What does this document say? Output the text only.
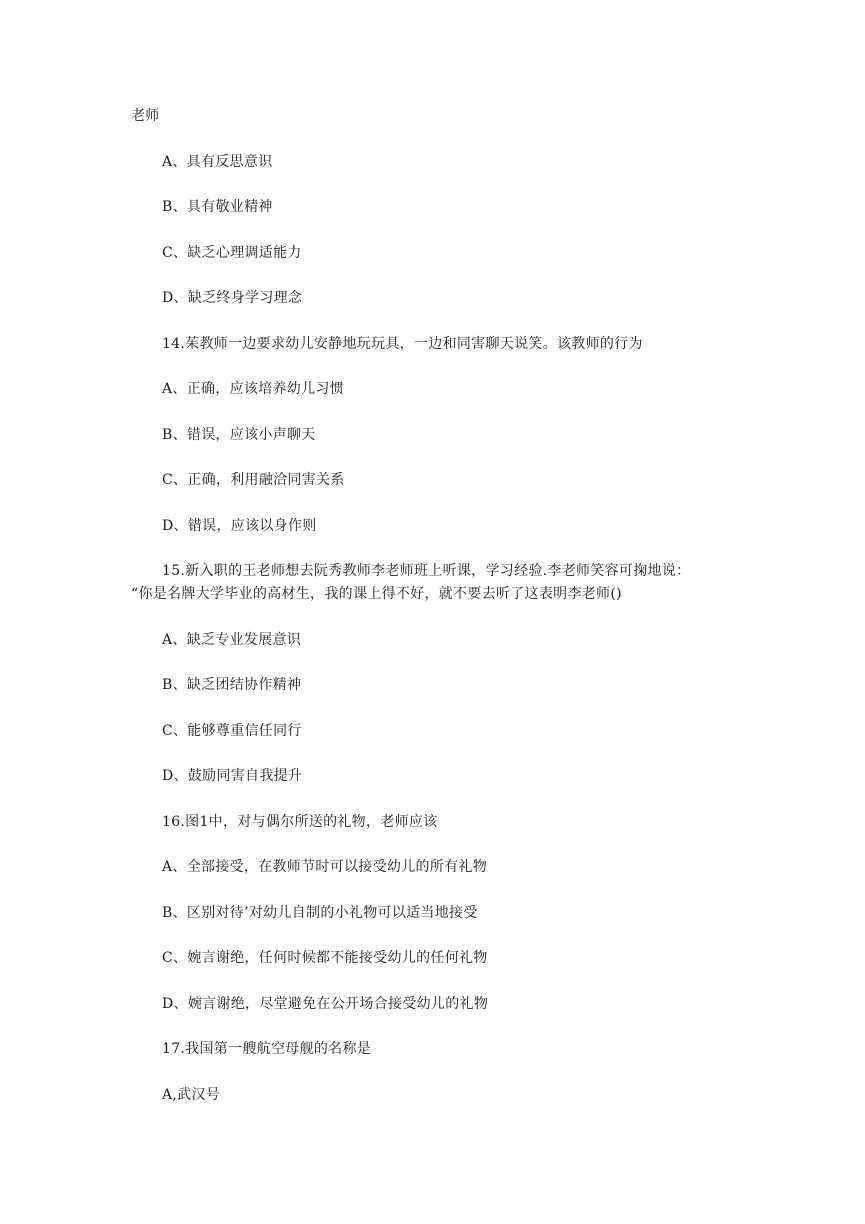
老师
A、具有反思意识
B、具有敬业精神
C、缺乏心理调适能力
D、缺乏终身学习理念
14.茱教师一边要求幼儿安静地玩玩具，一边和同害聊天说笑。该教师的行为
A、正确，应该培养幼儿习惯
B、错误，应该小声聊天
C、正确，利用融洽同害关系
D、错误，应该以身作则
15.新入职的王老师想去阮秀教师李老师班上听课，学习经验.李老师笑容可掬地说：
“你是名牌大学毕业的高材生，我的课上得不好，就不要去听了这表明李老师()
A、缺乏专业发展意识
B、缺乏团结协作精神
C、能够尊重信任同行
D、鼓励同害自我提升
16.图1中，对与偶尔所送的礼物，老师应该
A、全部接受，在教师节时可以接受幼儿的所有礼物
B、区别对待’对幼儿自制的小礼物可以适当地接受
C、婉言谢绝，任何时候都不能接受幼儿的任何礼物
D、婉言谢绝，尽堂避免在公开场合接受幼儿的礼物
17.我国第一艘航空母舰的名称是
A,武汉号
